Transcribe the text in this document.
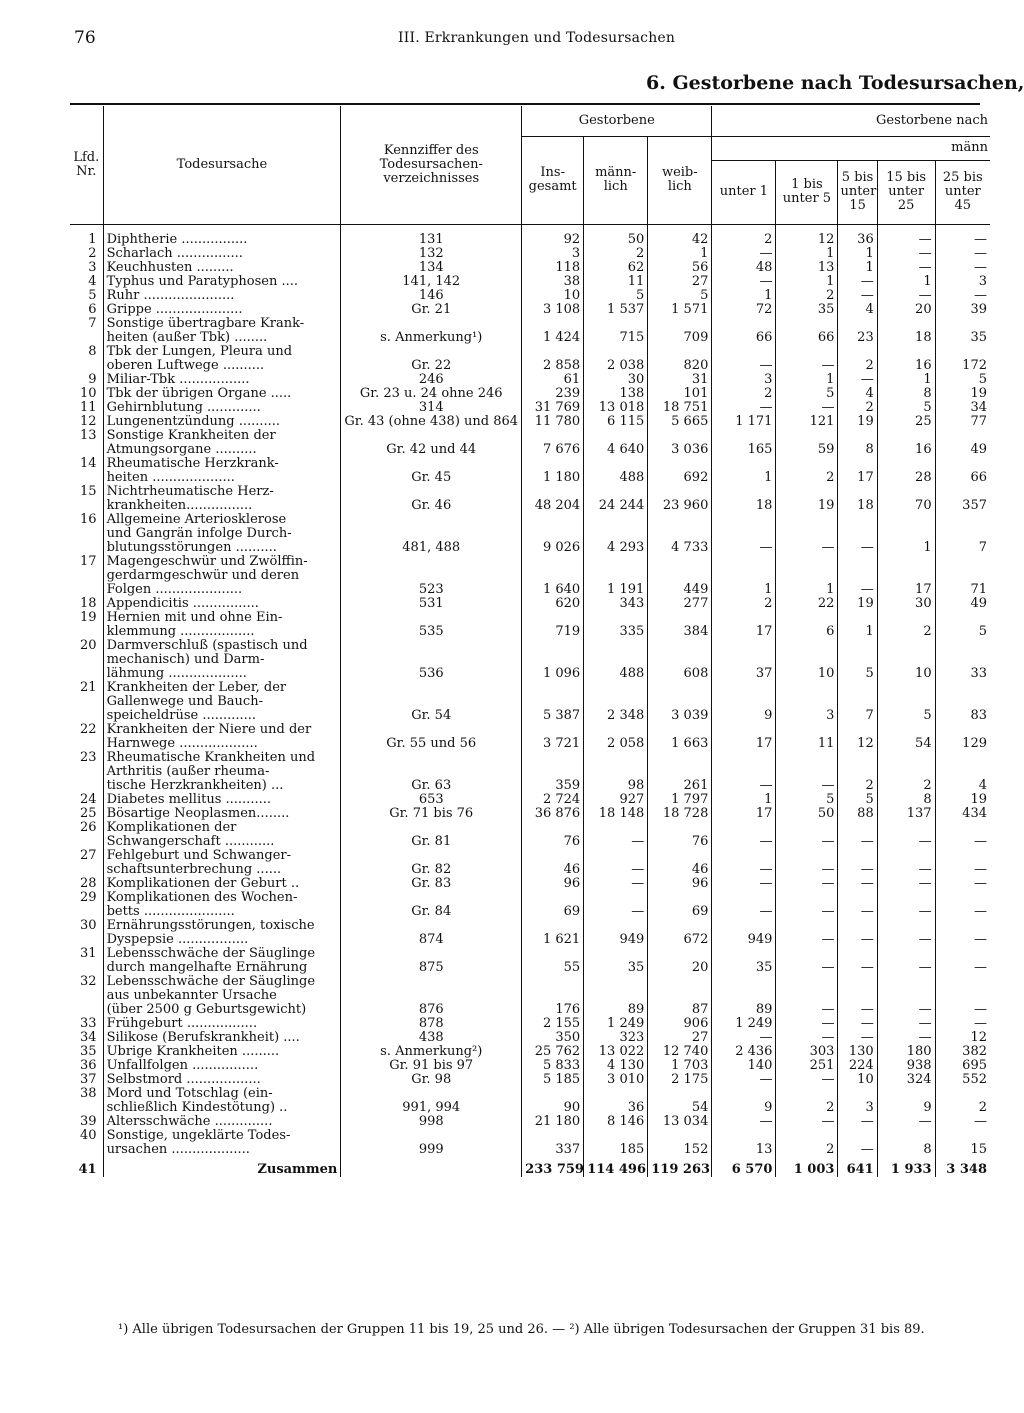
76	III. Erkrankungen und Todesursachen
6. Gestorbene nach Todesursachen,
Lfd. Nr.	Todesursache	Kennziffer des Todesursachen-verzeichnisses	Gestorbene			Gestorbene nach				
			Ins-gesamt	männ-lich	weib-lich	männ				
						unter 1	1 bis unter 5	5 bis unter 15	15 bis unter 25	25 bis unter 45

1	Diphtherie ................	131	92	50	42	2	12	36	—	—
2	Scharlach ................	132	3	2	1	—	1	1	—	—
3	Keuchhusten .........	134	118	62	56	48	13	1	—	—
4	Typhus und Paratyphosen ....	141, 142	38	11	27	—	1	—	1	3
5	Ruhr ......................	146	10	5	5	1	2	—	—	—
6	Grippe .....................	Gr. 21	3 108	1 537	1 571	72	35	4	20	39
7	Sonstige übertragbare Krank-
heiten (außer Tbk) ........	s. Anmerkung¹)	1 424	715	709	66	66	23	18	35
8	Tbk der Lungen, Pleura und
oberen Luftwege ..........	Gr. 22	2 858	2 038	820	—	—	2	16	172
9	Miliar-Tbk .................	246	61	30	31	3	1	—	1	5
10	Tbk der übrigen Organe .....	Gr. 23 u. 24 ohne 246	239	138	101	2	5	4	8	19
11	Gehirnblutung .............	314	31 769	13 018	18 751	—	—	2	5	34
12	Lungenentzündung ..........	Gr. 43 (ohne 438) und 864	11 780	6 115	5 665	1 171	121	19	25	77
13	Sonstige Krankheiten der
Atmungsorgane ..........	Gr. 42 und 44	7 676	4 640	3 036	165	59	8	16	49
14	Rheumatische Herzkrank-
heiten ....................	Gr. 45	1 180	488	692	1	2	17	28	66
15	Nichtrheumatische Herz-
krankheiten................	Gr. 46	48 204	24 244	23 960	18	19	18	70	357
16	Allgemeine Arteriosklerose
und Gangrän infolge Durch-
blutungsstörungen ..........	481, 488	9 026	4 293	4 733	—	—	—	1	7
17	Magengeschwür und Zwölffin-
gerdarmgeschwür und deren
Folgen .....................	523	1 640	1 191	449	1	1	—	17	71
18	Appendicitis ................	531	620	343	277	2	22	19	30	49
19	Hernien mit und ohne Ein-
klemmung ..................	535	719	335	384	17	6	1	2	5
20	Darmverschluß (spastisch und
mechanisch) und Darm-
lähmung ...................	536	1 096	488	608	37	10	5	10	33
21	Krankheiten der Leber, der
Gallenwege und Bauch-
speicheldrüse .............	Gr. 54	5 387	2 348	3 039	9	3	7	5	83
22	Krankheiten der Niere und der
Harnwege ...................	Gr. 55 und 56	3 721	2 058	1 663	17	11	12	54	129
23	Rheumatische Krankheiten und
Arthritis (außer rheuma-
tische Herzkrankheiten) ...	Gr. 63	359	98	261	—	—	2	2	4
24	Diabetes mellitus ...........	653	2 724	927	1 797	1	5	5	8	19
25	Bösartige Neoplasmen........	Gr. 71 bis 76	36 876	18 148	18 728	17	50	88	137	434
26	Komplikationen der
Schwangerschaft ............	Gr. 81	76	—	76	—	—	—	—	—
27	Fehlgeburt und Schwanger-
schaftsunterbrechung ......	Gr. 82	46	—	46	—	—	—	—	—
28	Komplikationen der Geburt ..	Gr. 83	96	—	96	—	—	—	—	—
29	Komplikationen des Wochen-
betts ......................	Gr. 84	69	—	69	—	—	—	—	—
30	Ernährungsstörungen, toxische
Dyspepsie .................	874	1 621	949	672	949	—	—	—	—
31	Lebensschwäche der Säuglinge
durch mangelhafte Ernährung	875	55	35	20	35	—	—	—	—
32	Lebensschwäche der Säuglinge
aus unbekannter Ursache
(über 2500 g Geburtsgewicht)	876	176	89	87	89	—	—	—	—
33	Frühgeburt .................	878	2 155	1 249	906	1 249	—	—	—	—
34	Silikose (Berufskrankheit) ....	438	350	323	27	—	—	—	—	12
35	Übrige Krankheiten .........	s. Anmerkung²)	25 762	13 022	12 740	2 436	303	130	180	382
36	Unfallfolgen ................	Gr. 91 bis 97	5 833	4 130	1 703	140	251	224	938	695
37	Selbstmord ..................	Gr. 98	5 185	3 010	2 175	—	—	10	324	552
38	Mord und Totschlag (ein-
schließlich Kindestötung) ..	991, 994	90	36	54	9	2	3	9	2
39	Altersschwäche ..............	998	21 180	8 146	13 034	—	—	—	—	—
40	Sonstige, ungeklärte Todes-
ursachen ...................	999	337	185	152	13	2	—	8	15
41	Zusammen		233 759	114 496	119 263	6 570	1 003	641	1 933	3 348
¹) Alle übrigen Todesursachen der Gruppen 11 bis 19, 25 und 26. — ²) Alle übrigen Todesursachen der Gruppen 31 bis 89.
